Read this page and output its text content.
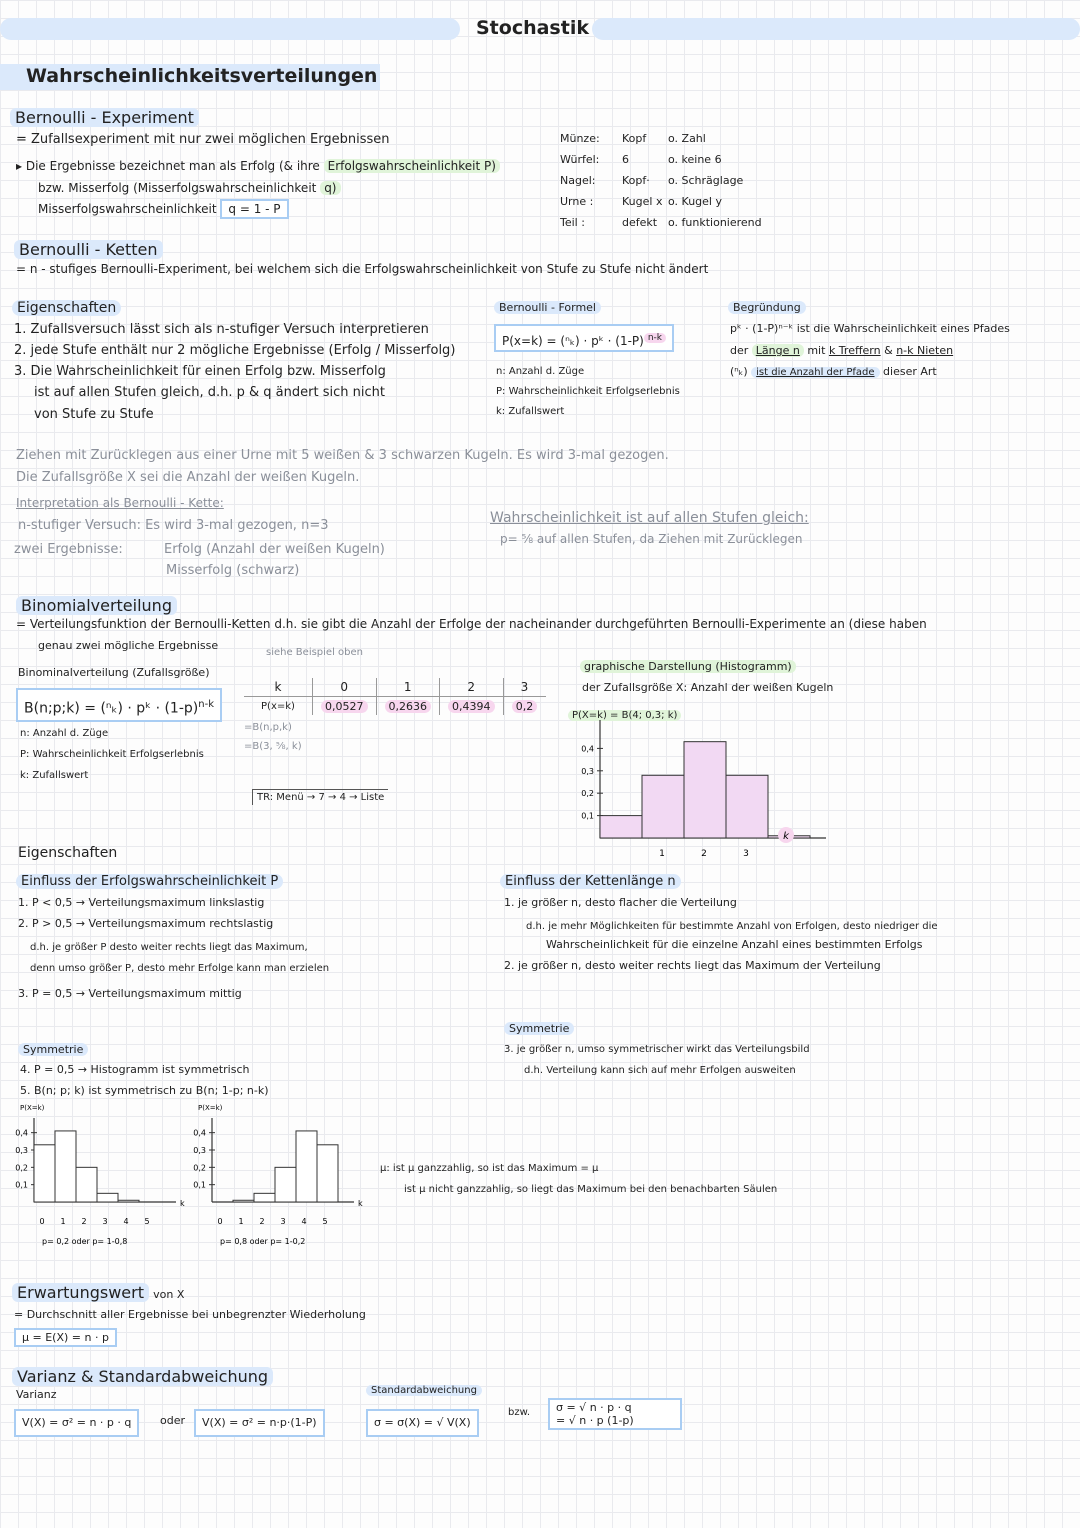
Stochastik
Wahrscheinlichkeitsverteilungen
Bernoulli - Experiment
= Zufallsexperiment mit nur zwei möglichen Ergebnissen
▸ Die Ergebnisse bezeichnet man als Erfolg (& ihre Erfolgswahrscheinlichkeit P)
bzw. Misserfolg (Misserfolgswahrscheinlichkeit q)
Misserfolgswahrscheinlichkeit q = 1 - P
Münze: Kopf o. Zahl
Würfel: 6	o. keine 6
Nagel: Kopf· o. Schräglage
Urne :	Kugel x o. Kugel y
Teil :	defekt o. funktionierend
Bernoulli - Ketten
= n - stufiges Bernoulli-Experiment, bei welchem sich die Erfolgswahrscheinlichkeit von Stufe zu Stufe nicht ändert
Eigenschaften
1. Zufallsversuch lässt sich als n-stufiger Versuch interpretieren
2. jede Stufe enthält nur 2 mögliche Ergebnisse (Erfolg / Misserfolg)
3. Die Wahrscheinlichkeit für einen Erfolg bzw. Misserfolg
ist auf allen Stufen gleich, d.h. p & q ändert sich nicht
von Stufe zu Stufe
Bernoulli - Formel
P(x=k) = (ⁿₖ) · pᵏ · (1-P) $^{n-k}$
n: Anzahl d. Züge
P: Wahrscheinlichkeit Erfolgserlebnis
k: Zufallswert
Begründung
pᵏ · (1-P)ⁿ⁻ᵏ ist die Wahrscheinlichkeit eines Pfades
der Länge n mit k Treffern & n-k Nieten
(ⁿₖ) ist die Anzahl der Pfade dieser Art
Ziehen mit Zurücklegen aus einer Urne mit 5 weißen & 3 schwarzen Kugeln. Es wird 3-mal gezogen.
Die Zufallsgröße X sei die Anzahl der weißen Kugeln.
Interpretation als Bernoulli - Kette:
n-stufiger Versuch: Es wird 3-mal gezogen, n=3
zwei Ergebnisse:	Erfolg (Anzahl der weißen Kugeln)
Misserfolg (schwarz)
Wahrscheinlichkeit ist auf allen Stufen gleich:
p= ⅝ auf allen Stufen, da Ziehen mit Zurücklegen
Binomialverteilung
= Verteilungsfunktion der Bernoulli-Ketten d.h. sie gibt die Anzahl der Erfolge der nacheinander durchgeführten Bernoulli-Experimente an (diese haben
genau zwei mögliche Ergebnisse
siehe Beispiel oben
Binominalverteilung (Zufallsgröße)
B(n;p;k) = (ⁿₖ) · pᵏ · $(1-p)^{n-k}$
n: Anzahl d. Züge
P: Wahrscheinlichkeit Erfolgserlebnis
k: Zufallswert
k	0	1	2	3
P(x=k)	0,0527	0,2636	0,4394	0,2
=B(n,p,k)
=B(3, ⅝, k)
TR: Menü → 7 → 4 → Liste
graphische Darstellung (Histogramm)
der Zufallsgröße X: Anzahl der weißen Kugeln
P(X=k) = B(4; 0,3; k)
0,4
0,3
0,2
0,1
1	2	3
k
Eigenschaften
Einfluss der Erfolgswahrscheinlichkeit P
1. P < 0,5 → Verteilungsmaximum linkslastig
2. P > 0,5 → Verteilungsmaximum rechtslastig
d.h. je größer P desto weiter rechts liegt das Maximum,
denn umso größer P, desto mehr Erfolge kann man erzielen
3. P = 0,5 → Verteilungsmaximum mittig
Einfluss der Kettenlänge n
1. je größer n, desto flacher die Verteilung
d.h. je mehr Möglichkeiten für bestimmte Anzahl von Erfolgen, desto niedriger die
Wahrscheinlichkeit für die einzelne Anzahl eines bestimmten Erfolgs
2. je größer n, desto weiter rechts liegt das Maximum der Verteilung
Symmetrie
3. je größer n, umso symmetrischer wirkt das Verteilungsbild
d.h. Verteilung kann sich auf mehr Erfolgen ausweiten
Symmetrie
4. P = 0,5 → Histogramm ist symmetrisch
5. B(n; p; k) ist symmetrisch zu B(n; 1-p; n-k)
0,4
0,3
0,2
0,1
P(X=k)
0 1 2 3 4 5
k
p= 0,2 oder p= 1-0,8
0,4
0,3
0,2
0,1
P(X=k)
0 1 2 3 4 5
k
p= 0,8 oder p= 1-0,2
μ: ist μ ganzzahlig, so ist das Maximum = μ
ist μ nicht ganzzahlig, so liegt das Maximum bei den benachbarten Säulen
Erwartungswert von X
= Durchschnitt aller Ergebnisse bei unbegrenzter Wiederholung
μ = E(X) = n · p
Varianz & Standardabweichung
Varianz
V(X) = σ² = n · p · q	oder	V(X) = σ² = n·p·(1-P)
Standardabweichung
σ = σ(X) = √ V(X)
bzw. σ = √ n · p · q
= √ n · p (1-p)
